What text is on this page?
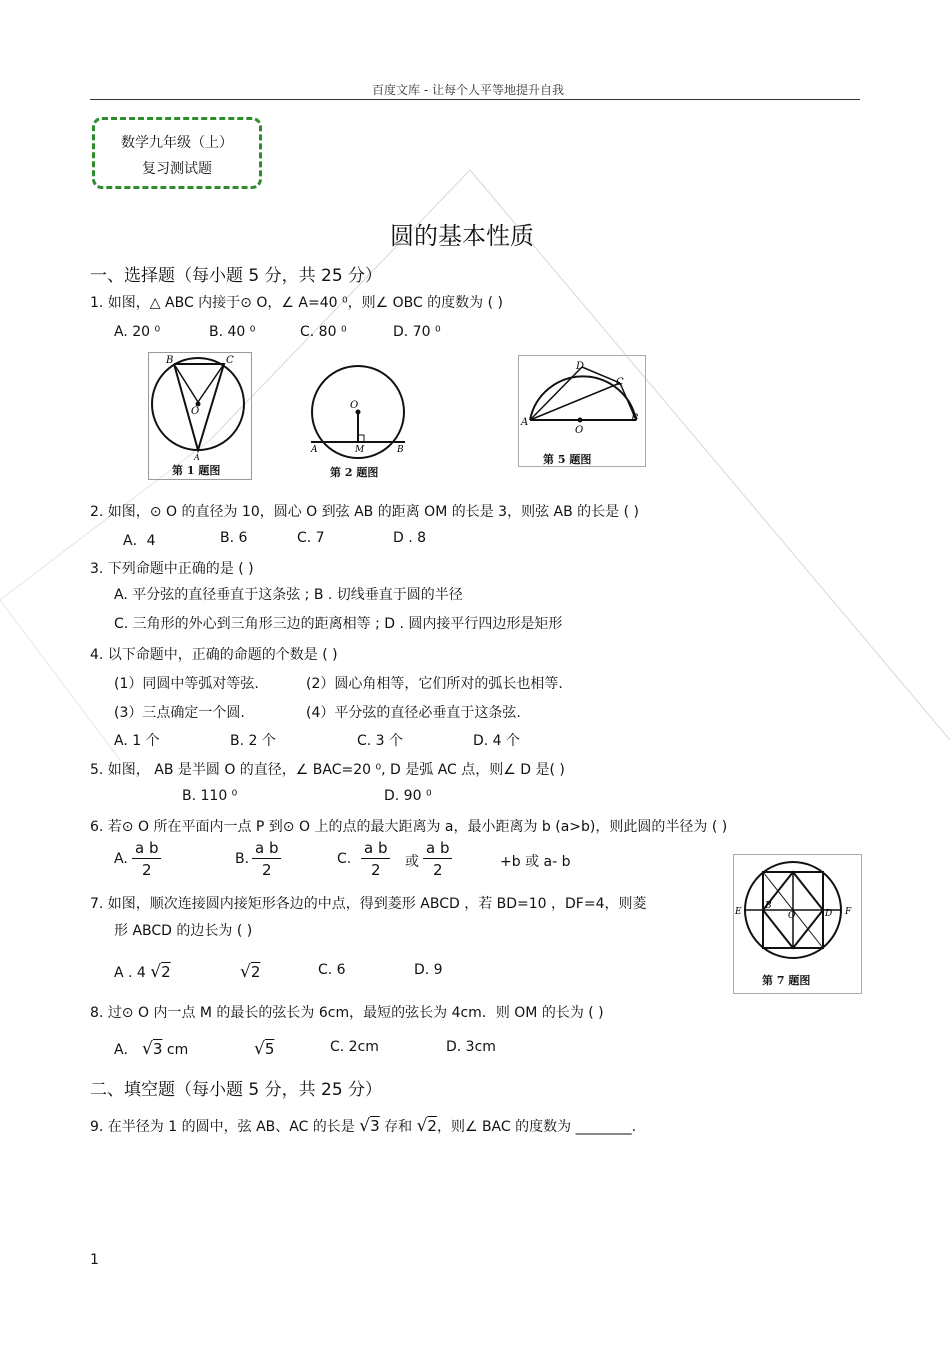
百度文库 - 让每个人平等地提升自我
数学九年级（上）
复习测试题
圆的基本性质
一、选择题（每小题 5 分，共 25 分）
1. 如图，△ ABC 内接于⊙ O，∠ A=40 ⁰，则∠ OBC 的度数为 ( )
A. 20 ⁰	B. 40 ⁰	C. 80 ⁰	D. 70 ⁰
B	C
O
A
第 1 题图
O
A	M	B
第 2 题图
D
C
A	B
O
第 5 题图
2. 如图，⊙ O 的直径为 10，圆心 O 到弦 AB 的距离 OM 的长是 3，则弦 AB 的长是 ( )
A．4	B. 6	C. 7	D . 8
3. 下列命题中正确的是 ( )
A. 平分弦的直径垂直于这条弦 ; B . 切线垂直于圆的半径
C. 三角形的外心到三角形三边的距离相等 ; D . 圆内接平行四边形是矩形
4. 以下命题中，正确的命题的个数是 ( )
(1）同圆中等弧对等弦.	(2）圆心角相等，它们所对的弧长也相等.
(3）三点确定一个圆.	(4）平分弦的直径必垂直于这条弦.
A. 1 个	B. 2 个	C. 3 个	D. 4 个
5. 如图， AB 是半圆 O 的直径，∠ BAC=20 ⁰, D 是弧 AC 点，则∠ D 是( )
B. 110 ⁰	D. 90 ⁰
6. 若⊙ O 所在平面内一点 P 到⊙ O 上的点的最大距离为 a，最小距离为 b (a>b)，则此圆的半径为 ( )
A. $\frac{\text{a b}}{2}$	B. $\frac{\text{a b}}{2}$	C. $\frac{\text{a b}}{2}$ 或 $\frac{\text{a b}}{2}$	+b 或 a- b
E
B
O	D F
第 7 题图
7. 如图，顺次连接圆内接矩形各边的中点，得到菱形 ABCD ，若 BD=10 ，DF=4，则菱
形 ABCD 的边长为 ( )
A . 4 √2	√2	C. 6	D. 9
8. 过⊙ O 内一点 M 的最长的弦长为 6cm，最短的弦长为 4cm．则 OM 的长为 ( )
A． √3 cm	√5	C. 2cm	D. 3cm
二、填空题（每小题 5 分，共 25 分）
9. 在半径为 1 的圆中，弦 AB、AC 的长是 √3 存和 √2，则∠ BAC 的度数为 ________.
1
